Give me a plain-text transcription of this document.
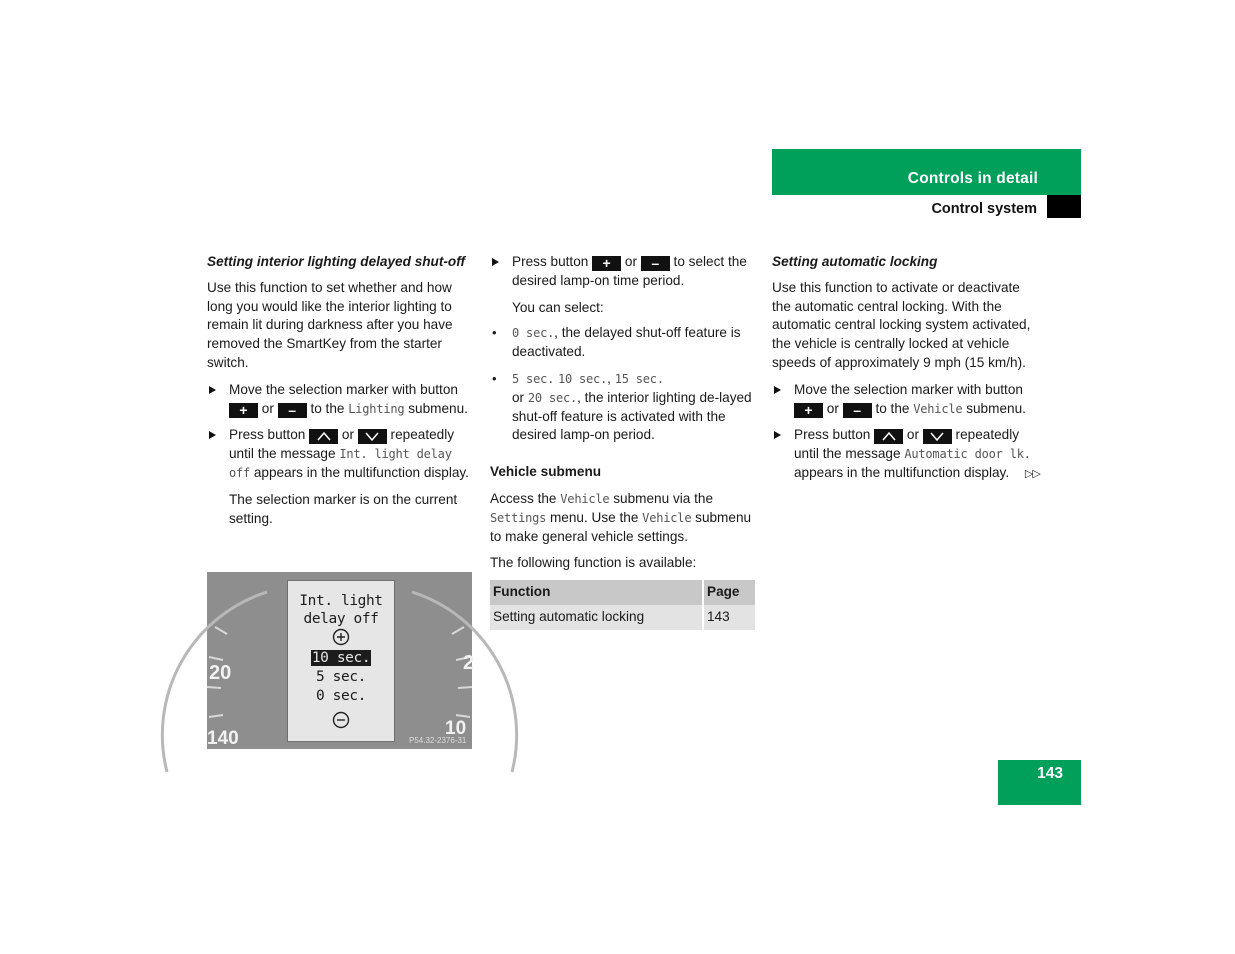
Controls in detail
Control system

Setting interior lighting delayed shut-off

Use this function to set whether and how long you would like the interior lighting to remain lit during darkness after you have removed the SmartKey from the starter switch.

Move the selection marker with button + or – to the Lighting submenu.
Press button	or	repeatedly until the message Int. light delay off appears in the multifunction display.

The selection marker is on the current setting.

20
140
2
10
Int. light
delay off
10 sec.
5 sec.
0 sec.
P54.32-2376-31
Press button + or – to select the desired lamp-on time period.

You can select:

• 0 sec., the delayed shut-off feature is deactivated.
• 5 sec. 10 sec., 15 sec.
or 20 sec., the interior lighting de-layed shut-off feature is activated with the desired lamp-on period.

Vehicle submenu

Access the Vehicle submenu via the Settings menu. Use the Vehicle submenu to make general vehicle settings.

The following function is available:

Function	Page
Setting automatic locking	143

Setting automatic locking

Use this function to activate or deactivate the automatic central locking. With the automatic central locking system activated, the vehicle is centrally locked at vehicle speeds of approximately 9 mph (15 km/h).

Move the selection marker with button + or – to the Vehicle submenu.
Press button	or	repeatedly until the message Automatic door lk. appears in the multifunction display. ▷▷
143
